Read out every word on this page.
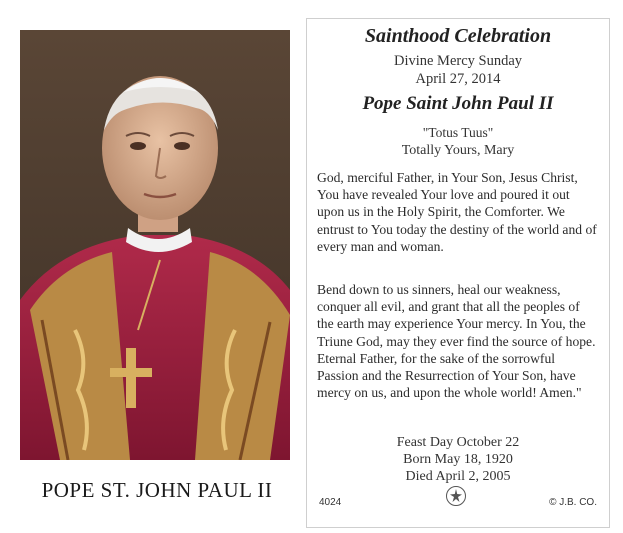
POPE ST. JOHN PAUL II
Sainthood Celebration
Divine Mercy Sunday
April 27, 2014
Pope Saint John Paul II
"Totus Tuus"
Totally Yours, Mary
God, merciful Father, in Your Son, Jesus Christ, You have revealed Your love and poured it out upon us in the Holy Spirit, the Comforter. We entrust to You today the destiny of the world and of every man and woman.
Bend down to us sinners, heal our weakness, conquer all evil, and grant that all the peoples of the earth may experience Your mercy. In You, the Triune God, may they ever find the source of hope. Eternal Father, for the sake of the sorrowful Passion and the Resurrection of Your Son, have mercy on us, and upon the whole world! Amen."
Feast Day October 22
Born May 18, 1920
Died April 2, 2005
4024	© J.B. CO.
